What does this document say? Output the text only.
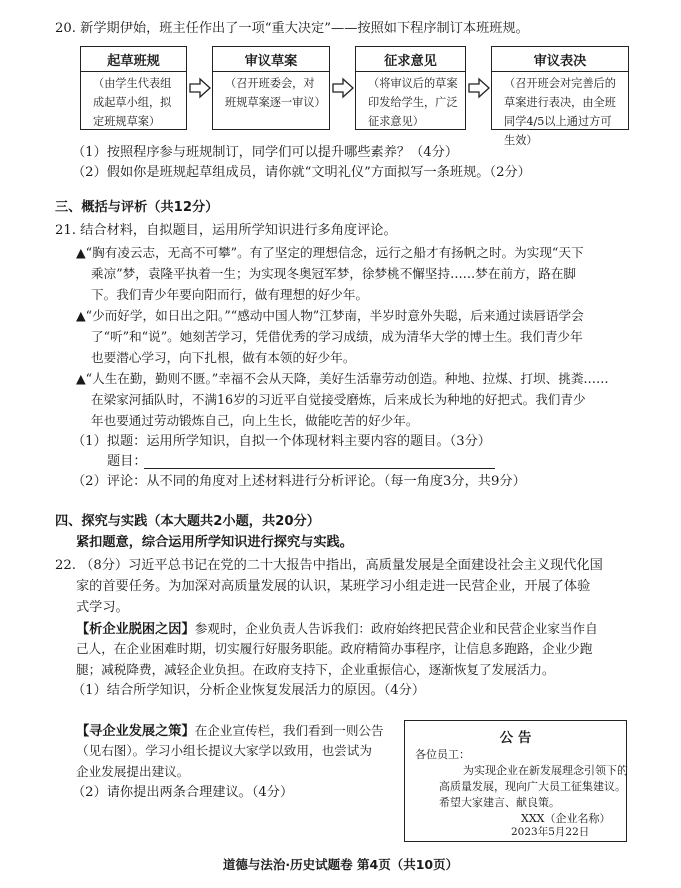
20. 新学期伊始，班主任作出了一项“重大决定”——按照如下程序制订本班班规。
起草班规
（由学生代表组成起草小组，拟定班规草案）
审议草案
（召开班委会，对班规草案逐一审议）
征求意见
（将审议后的草案印发给学生，广泛征求意见）
审议表决
（召开班会对完善后的草案进行表决，由全班同学4/5以上通过方可生效）
（1）按照程序参与班规制订，同学们可以提升哪些素养？（4分）
（2）假如你是班规起草组成员，请你就“文明礼仪”方面拟写一条班规。（2分）
三、概括与评析（共12分）
21. 结合材料，自拟题目，运用所学知识进行多角度评论。
▲“胸有凌云志，无高不可攀”。有了坚定的理想信念，远行之船才有扬帆之时。为实现“天下
乘凉”梦，袁隆平执着一生；为实现冬奥冠军梦，徐梦桃不懈坚持……梦在前方，路在脚
下。我们青少年要向阳而行，做有理想的好少年。
▲“少而好学，如日出之阳。”“感动中国人物”江梦南，半岁时意外失聪，后来通过读唇语学会
了“听”和“说”。她刻苦学习，凭借优秀的学习成绩，成为清华大学的博士生。我们青少年
也要潜心学习，向下扎根，做有本领的好少年。
▲“人生在勤，勤则不匮。”幸福不会从天降，美好生活靠劳动创造。种地、拉煤、打坝、挑粪……
在梁家河插队时，不满16岁的习近平自觉接受磨炼，后来成长为种地的好把式。我们青少
年也要通过劳动锻炼自己，向上生长，做能吃苦的好少年。
（1）拟题：运用所学知识，自拟一个体现材料主要内容的题目。（3分）
题目：
（2）评论：从不同的角度对上述材料进行分析评论。（每一角度3分，共9分）
四、探究与实践（本大题共2小题，共20分）
紧扣题意，综合运用所学知识进行探究与实践。
22. （8分）习近平总书记在党的二十大报告中指出，高质量发展是全面建设社会主义现代化国
家的首要任务。为加深对高质量发展的认识，某班学习小组走进一民营企业，开展了体验
式学习。
【析企业脱困之因】参观时，企业负责人告诉我们：政府始终把民营企业和民营企业家当作自
己人，在企业困难时期，切实履行好服务职能。政府精简办事程序，让信息多跑路，企业少跑
腿；减税降费，减轻企业负担。在政府支持下，企业重振信心，逐渐恢复了发展活力。
（1）结合所学知识，分析企业恢复发展活力的原因。（4分）
【寻企业发展之策】在企业宣传栏，我们看到一则公告
（见右图）。学习小组长提议大家学以致用，也尝试为
企业发展提出建议。
（2）请你提出两条合理建议。（4分）
公 告
各位员工：
为实现企业在新发展理念引领下的
高质量发展，现向广大员工征集建议。
希望大家建言、献良策。
XXX（企业名称）
2023年5月22日
道德与法治·历史试题卷 第4页（共10页）
